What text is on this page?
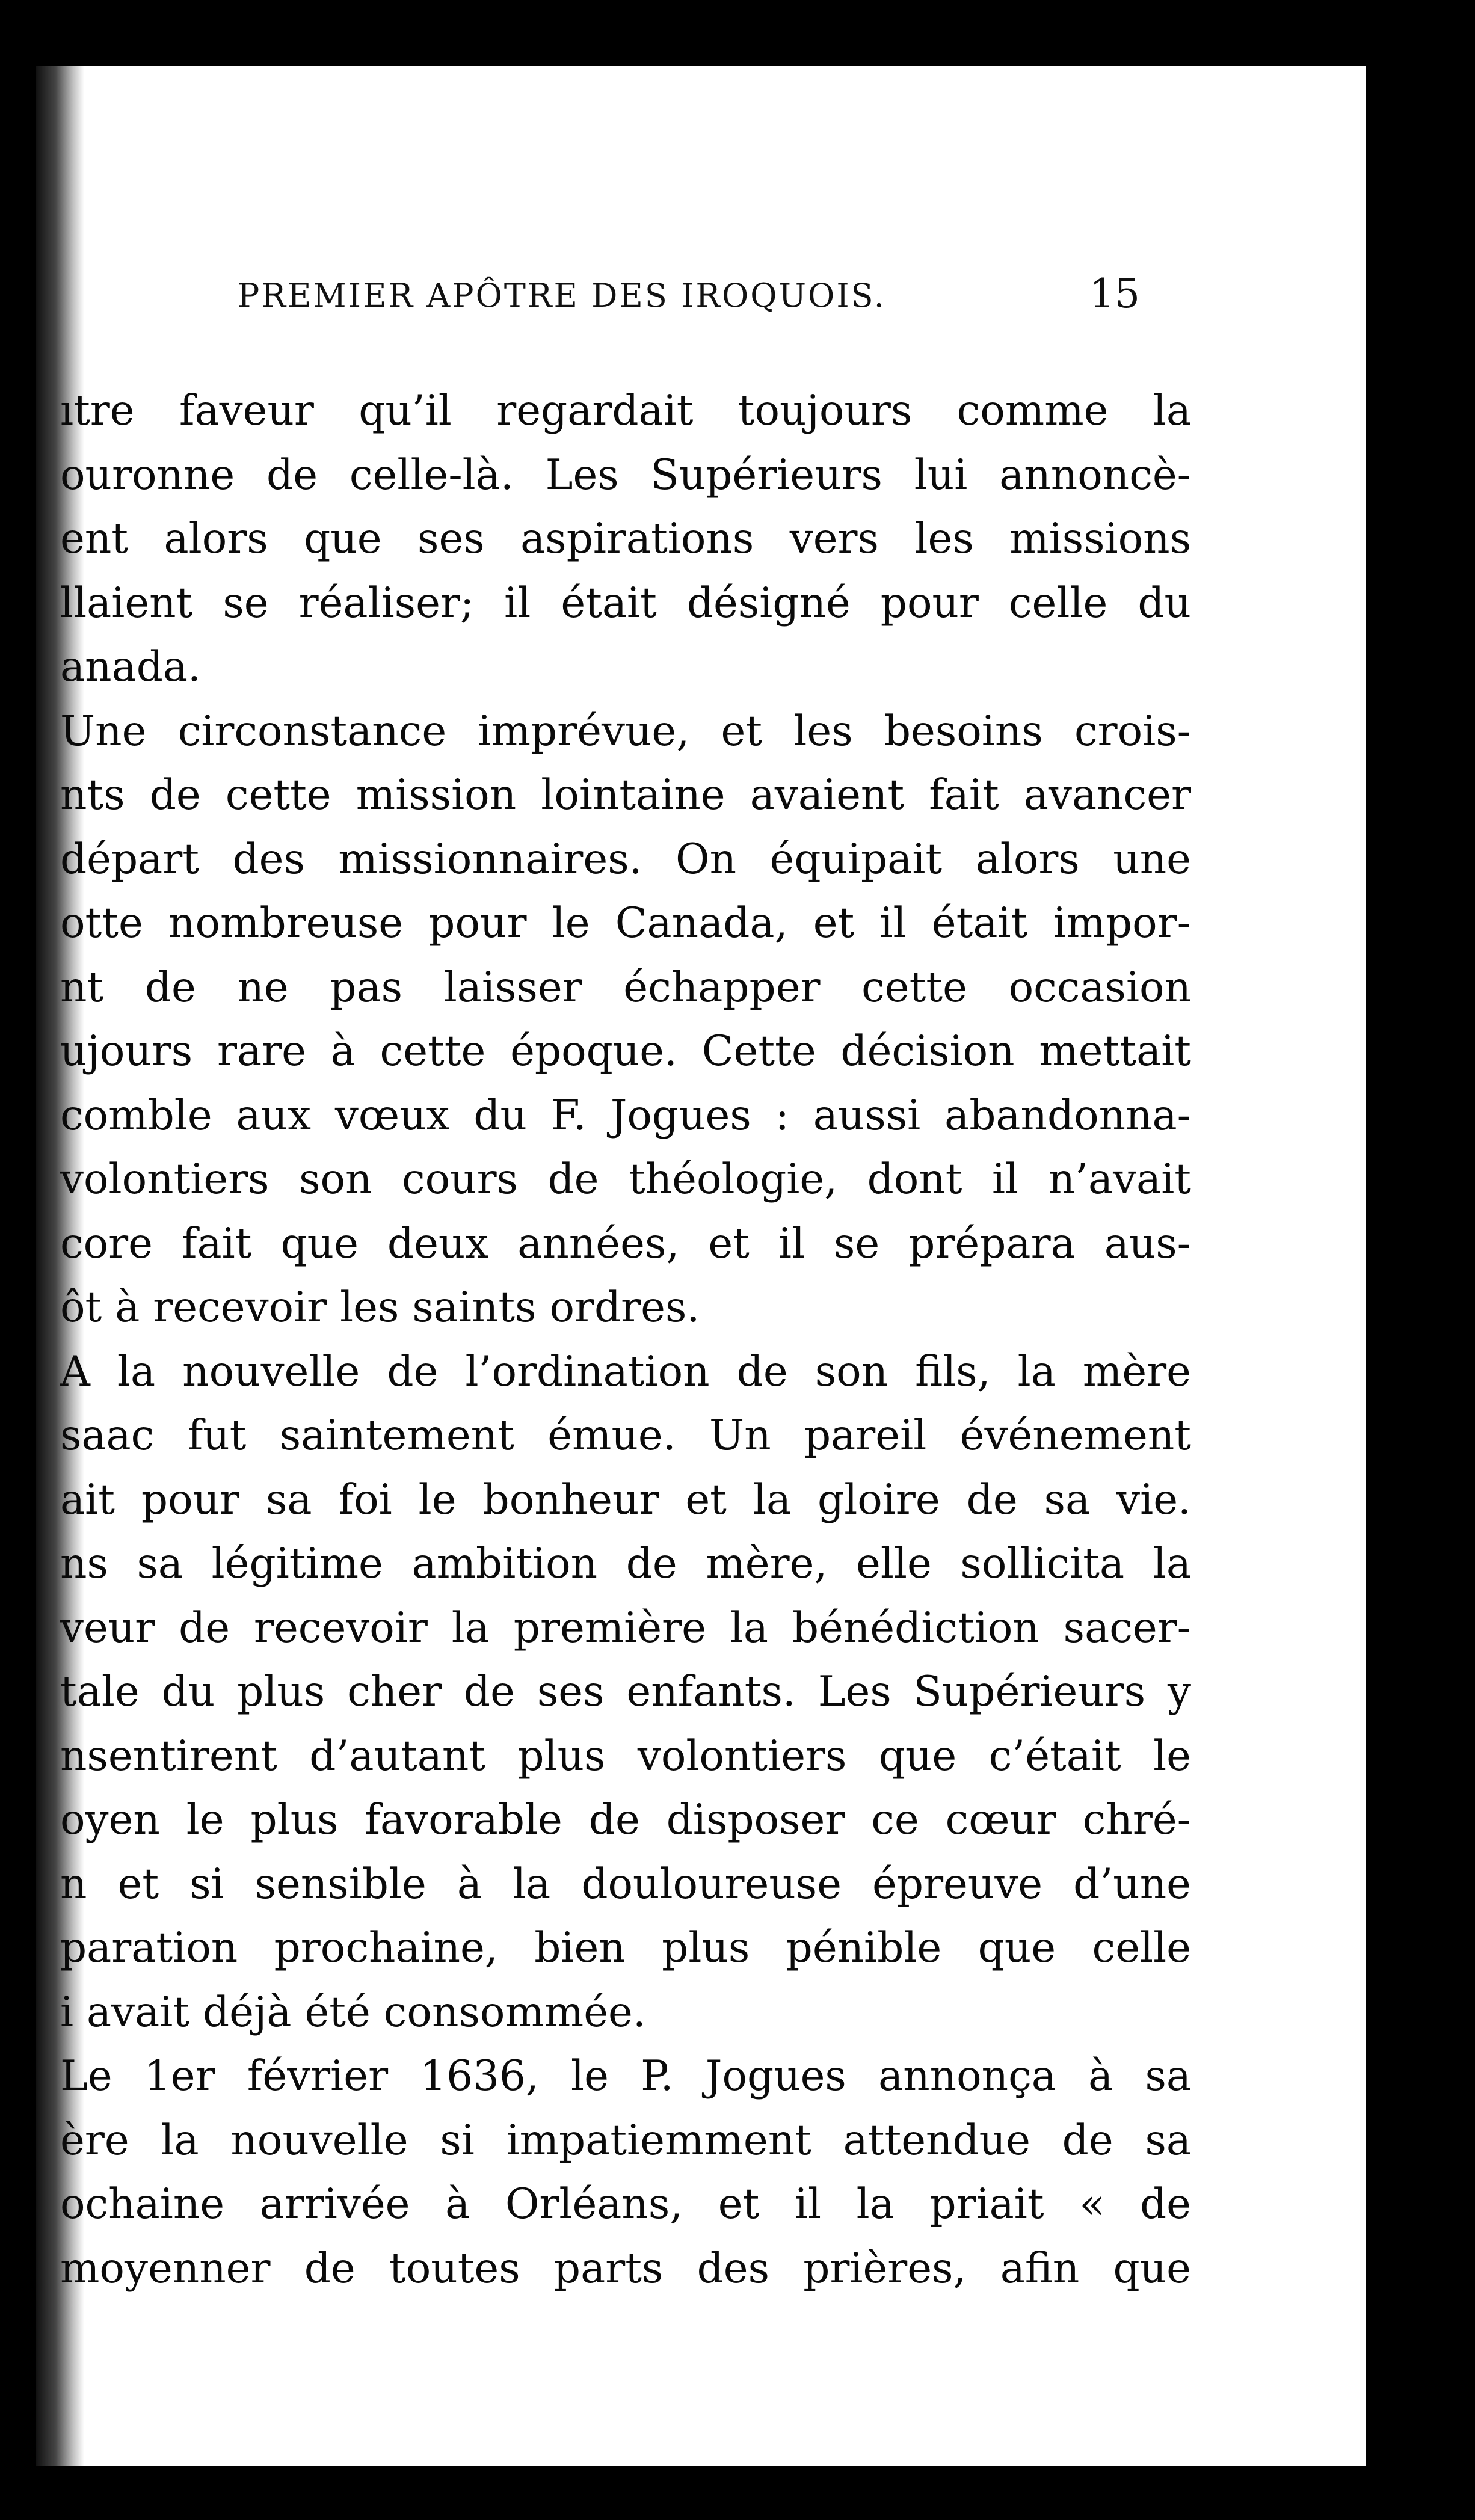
PREMIER APÔTRE DES IROQUOIS.	15
ıtre faveur qu’il regardait toujours comme la
ouronne de celle-là. Les Supérieurs lui annoncè-
ent alors que ses aspirations vers les missions
llaient se réaliser; il était désigné pour celle du
anada.
Une circonstance imprévue, et les besoins crois-
nts de cette mission lointaine avaient fait avancer
départ des missionnaires. On équipait alors une
otte nombreuse pour le Canada, et il était impor-
nt de ne pas laisser échapper cette occasion
ujours rare à cette époque. Cette décision mettait
comble aux vœux du F. Jogues : aussi abandonna-
volontiers son cours de théologie, dont il n’avait
core fait que deux années, et il se prépara aus-
ôt à recevoir les saints ordres.
A la nouvelle de l’ordination de son fils, la mère
saac fut saintement émue. Un pareil événement
ait pour sa foi le bonheur et la gloire de sa vie.
ns sa légitime ambition de mère, elle sollicita la
veur de recevoir la première la bénédiction sacer-
tale du plus cher de ses enfants. Les Supérieurs y
nsentirent d’autant plus volontiers que c’était le
oyen le plus favorable de disposer ce cœur chré-
n et si sensible à la douloureuse épreuve d’une
paration prochaine, bien plus pénible que celle
i avait déjà été consommée.
Le 1er février 1636, le P. Jogues annonça à sa
ère la nouvelle si impatiemment attendue de sa
ochaine arrivée à Orléans, et il la priait « de
moyenner de toutes parts des prières, afin que
